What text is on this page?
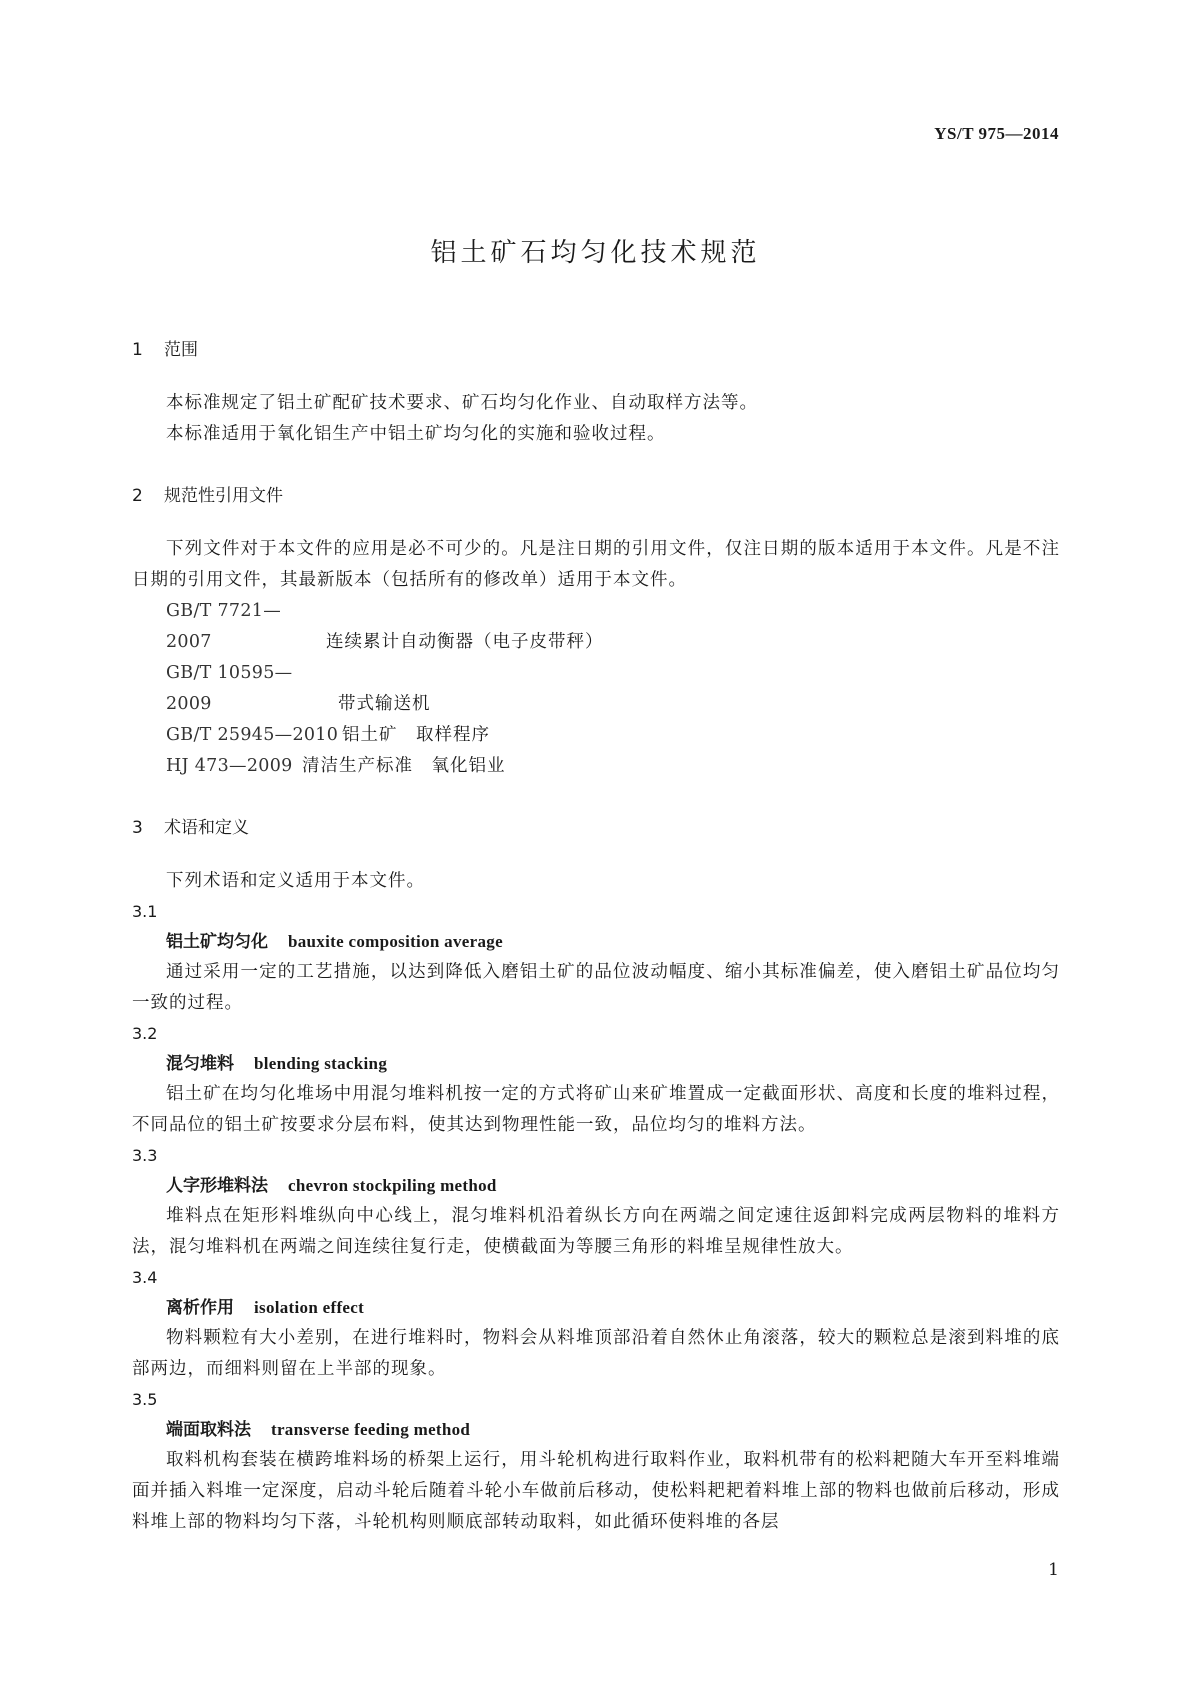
YS/T 975—2014
铝土矿石均匀化技术规范
1 范围
本标准规定了铝土矿配矿技术要求、矿石均匀化作业、自动取样方法等。
本标准适用于氧化铝生产中铝土矿均匀化的实施和验收过程。
2 规范性引用文件
下列文件对于本文件的应用是必不可少的。凡是注日期的引用文件，仅注日期的版本适用于本文件。凡是不注日期的引用文件，其最新版本（包括所有的修改单）适用于本文件。
GB/T 7721—2007	连续累计自动衡器（电子皮带秤）
GB/T 10595—2009	带式输送机
GB/T 25945—2010 铝土矿　取样程序
HJ 473—2009 清洁生产标准　氧化铝业
3 术语和定义
下列术语和定义适用于本文件。
3.1
铝土矿均匀化 bauxite composition average
通过采用一定的工艺措施，以达到降低入磨铝土矿的品位波动幅度、缩小其标准偏差，使入磨铝土矿品位均匀一致的过程。
3.2
混匀堆料 blending stacking
铝土矿在均匀化堆场中用混匀堆料机按一定的方式将矿山来矿堆置成一定截面形状、高度和长度的堆料过程，不同品位的铝土矿按要求分层布料，使其达到物理性能一致，品位均匀的堆料方法。
3.3
人字形堆料法 chevron stockpiling method
堆料点在矩形料堆纵向中心线上，混匀堆料机沿着纵长方向在两端之间定速往返卸料完成两层物料的堆料方法，混匀堆料机在两端之间连续往复行走，使横截面为等腰三角形的料堆呈规律性放大。
3.4
离析作用 isolation effect
物料颗粒有大小差别，在进行堆料时，物料会从料堆顶部沿着自然休止角滚落，较大的颗粒总是滚到料堆的底部两边，而细料则留在上半部的现象。
3.5
端面取料法 transverse feeding method
取料机构套装在横跨堆料场的桥架上运行，用斗轮机构进行取料作业，取料机带有的松料耙随大车开至料堆端面并插入料堆一定深度，启动斗轮后随着斗轮小车做前后移动，使松料耙耙着料堆上部的物料也做前后移动，形成料堆上部的物料均匀下落，斗轮机构则顺底部转动取料，如此循环使料堆的各层
1
